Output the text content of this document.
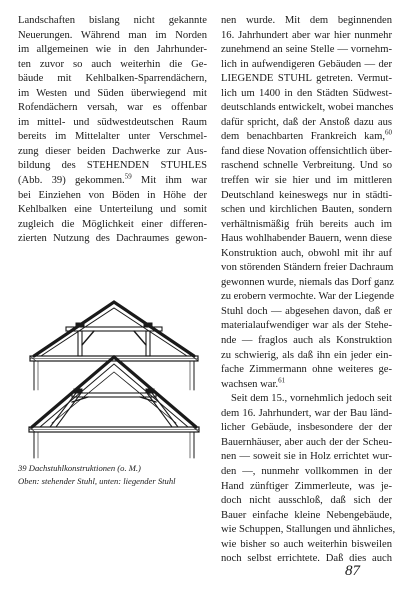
Landschaften bislang nicht gekannte
Neuerungen. Während man im Norden
im allgemeinen wie in den Jahrhunder-
ten zuvor so auch weiterhin die Ge-
bäude mit Kehlbalken-Sparrendächern,
im Westen und Süden überwiegend mit
Rofendächern versah, war es offenbar
im mittel- und südwestdeutschen Raum
bereits im Mittelalter unter Verschmel-
zung dieser beiden Dachwerke zur Aus-
bildung des STEHENDEN STUHLES
(Abb. 39) gekommen.$^{59}$ Mit ihm war
bei Einziehen von Böden in Höhe der
Kehlbalken eine Unterteilung und somit
zugleich die Möglichkeit einer differen-
zierten Nutzung des Dachraumes gewon-
nen wurde. Mit dem beginnenden
16. Jahrhundert aber war hier nunmehr
zunehmend an seine Stelle — vornehm-
lich in aufwendigeren Gebäuden — der
LIEGENDE STUHL getreten. Vermut-
lich um 1400 in den Städten Südwest-
deutschlands entwickelt, wobei manches
dafür spricht, daß der Anstoß dazu aus
dem benachbarten Frankreich kam,$^{60}$
fand diese Novation offensichtlich über-
raschend schnelle Verbreitung. Und so
treffen wir sie hier und im mittleren
Deutschland keineswegs nur in städti-
schen und kirchlichen Bauten, sondern
verhältnismäßig früh bereits auch im
Haus wohlhabender Bauern, wenn diese
Konstruktion auch, obwohl mit ihr auf
von störenden Ständern freier Dachraum
gewonnen wurde, niemals das Dorf ganz
zu erobern vermochte. War der Liegende
Stuhl doch — abgesehen davon, daß er
materialaufwendiger war als der Stehe-
nde — fraglos auch als Konstruktion
zu schwierig, als daß ihn ein jeder ein-
fache Zimmermann ohne weiteres ge-
wachsen war.$^{61}$
Seit dem 15., vornehmlich jedoch seit
dem 16. Jahrhundert, war der Bau länd-
licher Gebäude, insbesondere der der
Bauernhäuser, aber auch der der Scheu-
nen — soweit sie in Holz errichtet wur-
den —, nunmehr vollkommen in der
Hand zünftiger Zimmerleute, was je-
doch nicht ausschloß, daß sich der
Bauer einfache kleine Nebengebäude,
wie Schuppen, Stallungen und ähnliches,
wie bisher so auch weiterhin bisweilen
noch selbst errichtete. Daß dies auch
39 Dachstuhlkonstruktionen (o. M.)
Oben: stehender Stuhl, unten: liegender Stuhl
87
